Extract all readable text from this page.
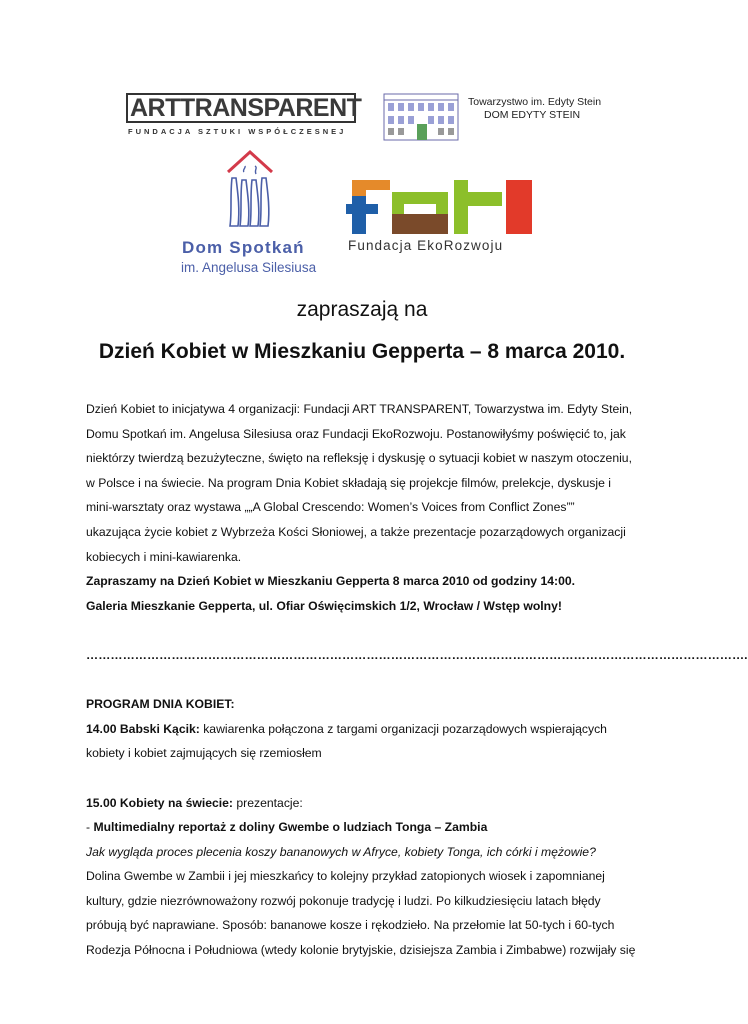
ARTTRANSPARENT
FUNDACJA SZTUKI WSPÓŁCZESNEJ
Towarzystwo im. Edyty Stein
DOM EDYTY STEIN
Dom Spotkań
im. Angelusa Silesiusa
Fundacja EkoRozwoju
zapraszają na
Dzień Kobiet w Mieszkaniu Gepperta – 8 marca 2010.

Dzień Kobiet to inicjatywa 4 organizacji: Fundacji ART TRANSPARENT, Towarzystwa im. Edyty Stein,

Domu Spotkań im. Angelusa Silesiusa oraz Fundacji EkoRozwoju. Postanowiłyśmy poświęcić to, jak

niektórzy twierdzą bezużyteczne, święto na refleksję i dyskusję o sytuacji kobiet w naszym otoczeniu,

w Polsce i na świecie. Na program Dnia Kobiet składają się projekcje filmów, prelekcje, dyskusje i

mini-warsztaty oraz wystawa „„A Global Crescendo: Women’s Voices from Conflict Zones””

ukazująca życie kobiet z Wybrzeża Kości Słoniowej, a także prezentacje pozarządowych organizacji

kobiecych i mini-kawiarenka.

Zapraszamy na Dzień Kobiet w Mieszkaniu Gepperta 8 marca 2010 od godziny 14:00.

Galeria Mieszkanie Gepperta, ul. Ofiar Oświęcimskich 1/2, Wrocław / Wstęp wolny!

……………………………………………………………………………………………………………………………………………….

PROGRAM DNIA KOBIET:

14.00 Babski Kącik: kawiarenka połączona z targami organizacji pozarządowych wspierających

kobiety i kobiet zajmujących się rzemiosłem

15.00 Kobiety na świecie: prezentacje:

- Multimedialny reportaż z doliny Gwembe o ludziach Tonga – Zambia

Jak wygląda proces plecenia koszy bananowych w Afryce, kobiety Tonga, ich córki i mężowie?

Dolina Gwembe w Zambii i jej mieszkańcy to kolejny przykład zatopionych wiosek i zapomnianej

kultury, gdzie niezrównoważony rozwój pokonuje tradycję i ludzi. Po kilkudziesięciu latach błędy

próbują być naprawiane. Sposób: bananowe kosze i rękodzieło. Na przełomie lat 50-tych i 60-tych

Rodezja Północna i Południowa (wtedy kolonie brytyjskie, dzisiejsza Zambia i Zimbabwe) rozwijały się
